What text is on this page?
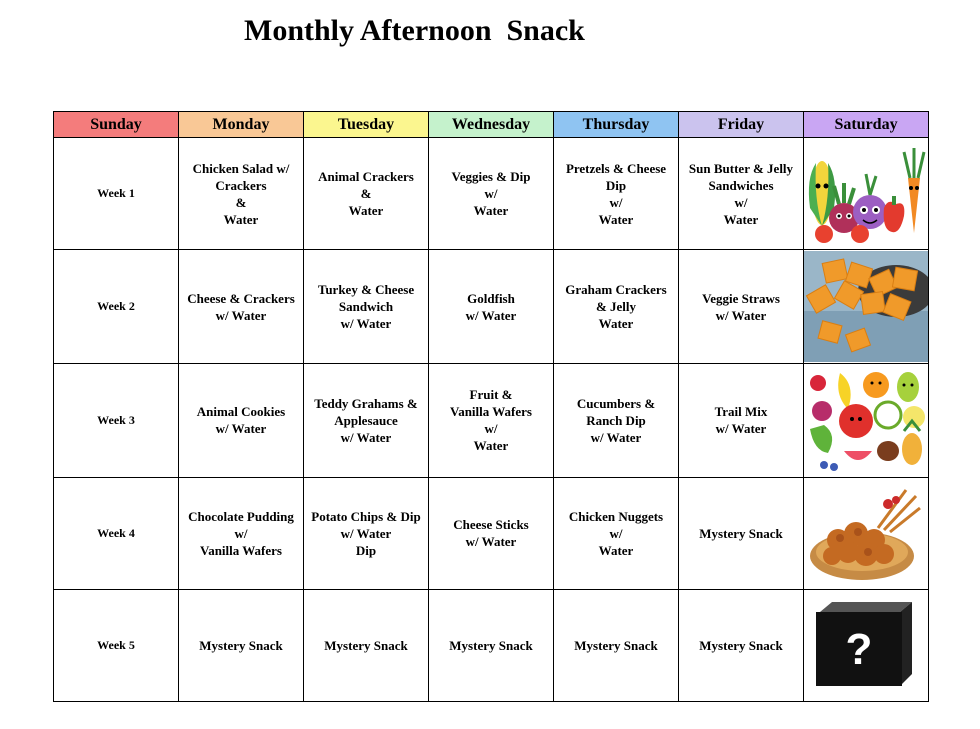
Monthly Afternoon  Snack
Sunday	Monday	Tuesday	Wednesday	Thursday	Friday	Saturday
Week 1	Chicken Salad w/
Crackers
&
Water	Animal Crackers
&
Water	Veggies & Dip
w/
Water	Pretzels & Cheese
Dip
w/
Water	Sun Butter & Jelly
Sandwiches
w/
Water

Week 2	Cheese & Crackers
w/ Water	Turkey & Cheese
Sandwich
w/ Water	Goldfish
w/ Water	Graham Crackers
& Jelly
Water	Veggie Straws
w/ Water

Week 3	Animal Cookies
w/ Water	Teddy Grahams &
Applesauce
w/ Water	Fruit &
Vanilla Wafers
w/
Water	Cucumbers &
Ranch Dip
w/ Water	Trail Mix
w/ Water

Week 4	Chocolate Pudding
w/
Vanilla Wafers	Potato Chips & Dip
w/ Water
Dip	Cheese Sticks
w/ Water	Chicken Nuggets
w/
Water	Mystery Snack

Week 5	Mystery Snack	Mystery Snack	Mystery Snack	Mystery Snack	Mystery Snack	?
